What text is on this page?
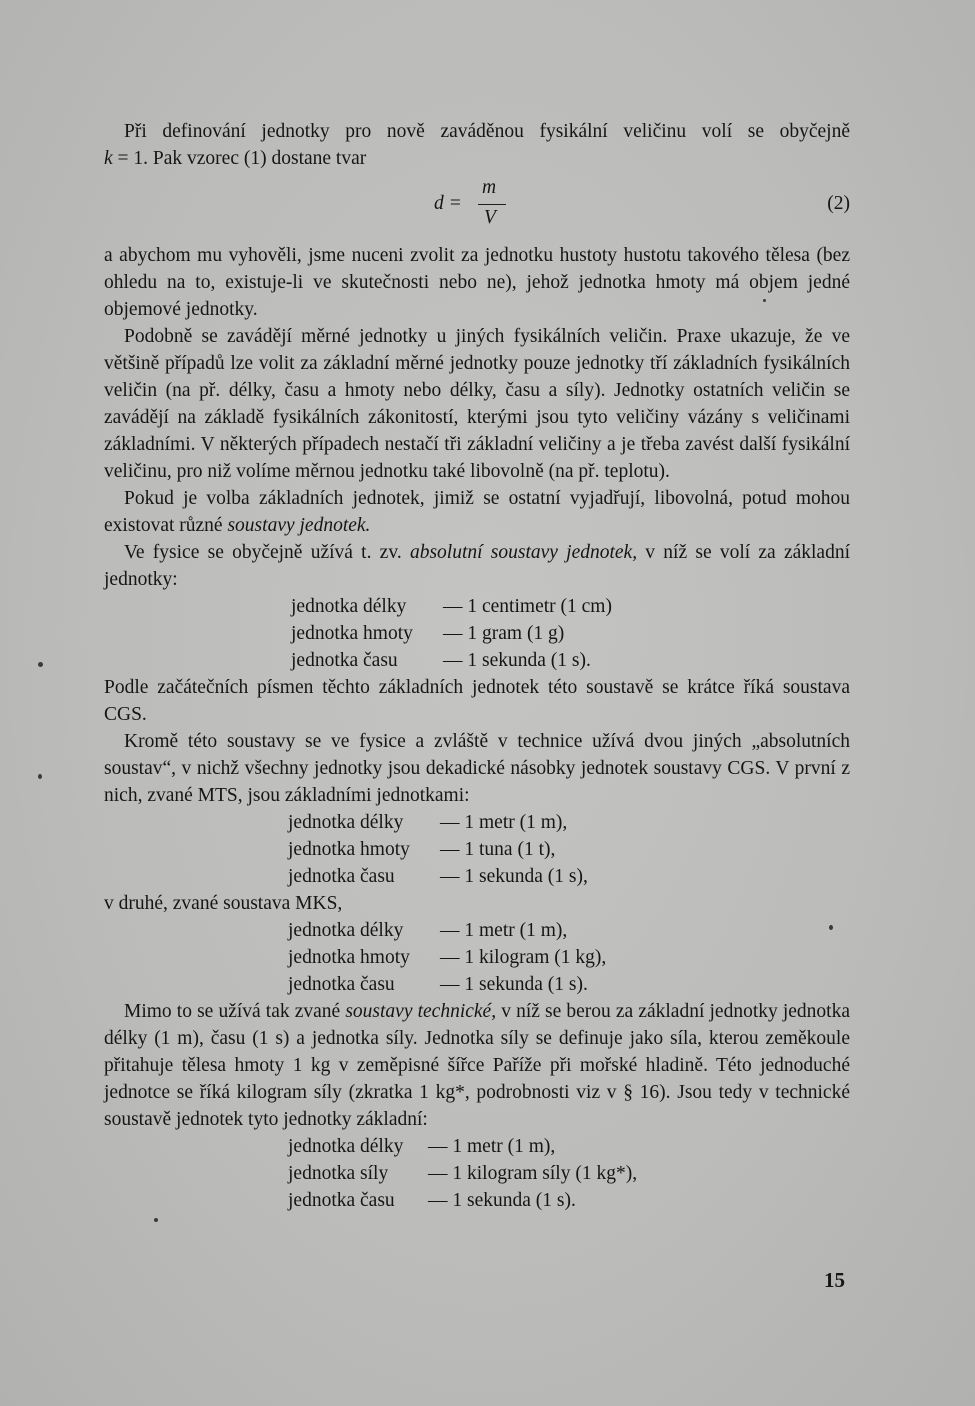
Při definování jednotky pro nově zaváděnou fysikální veličinu volí se obyčejně

k = 1. Pak vzorec (1) dostane tvar

d =
m
V
(2)

a abychom mu vyhověli, jsme nuceni zvolit za jednotku hustoty hustotu takového tělesa (bez ohledu na to, existuje-li ve skutečnosti nebo ne), jehož jednotka hmoty má objem jedné objemové jednotky.

Podobně se zavádějí měrné jednotky u jiných fysikálních veličin. Praxe ukazuje, že ve většině případů lze volit za základní měrné jednotky pouze jednotky tří základních fysikálních veličin (na př. délky, času a hmoty nebo délky, času a síly). Jednotky ostatních veličin se zavádějí na základě fysikálních zákonitostí, kterými jsou tyto veličiny vázány s veličinami základními. V některých případech nestačí tři základní veličiny a je třeba zavést další fysikální veličinu, pro niž volíme měrnou jednotku také libovolně (na př. teplotu).

Pokud je volba základních jednotek, jimiž se ostatní vyjadřují, libovolná, potud mohou existovat různé soustavy jednotek.

Ve fysice se obyčejně užívá t. zv. absolutní soustavy jednotek, v níž se volí za základní jednotky:

jednotka délky	— 1 centimetr (1 cm)
jednotka hmoty	— 1 gram (1 g)
jednotka času	— 1 sekunda (1 s).

Podle začátečních písmen těchto základních jednotek této soustavě se krátce říká soustava CGS.

Kromě této soustavy se ve fysice a zvláště v technice užívá dvou jiných „absolutních soustav“, v nichž všechny jednotky jsou dekadické násobky jednotek soustavy CGS. V první z nich, zvané MTS, jsou základními jednotkami:

jednotka délky	— 1 metr (1 m),
jednotka hmoty	— 1 tuna (1 t),
jednotka času	— 1 sekunda (1 s),

v druhé, zvané soustava MKS,

jednotka délky	— 1 metr (1 m),
jednotka hmoty	— 1 kilogram (1 kg),
jednotka času	— 1 sekunda (1 s).

Mimo to se užívá tak zvané soustavy technické, v níž se berou za základní jednotky jednotka délky (1 m), času (1 s) a jednotka síly. Jednotka síly se definuje jako síla, kterou zeměkoule přitahuje tělesa hmoty 1 kg v zeměpisné šířce Paříže při mořské hladině. Této jednoduché jednotce se říká kilogram síly (zkratka 1 kg*, podrobnosti viz v § 16). Jsou tedy v technické soustavě jednotek tyto jednotky základní:

jednotka délky	— 1 metr (1 m),
jednotka síly	— 1 kilogram síly (1 kg*),
jednotka času	— 1 sekunda (1 s).
15
